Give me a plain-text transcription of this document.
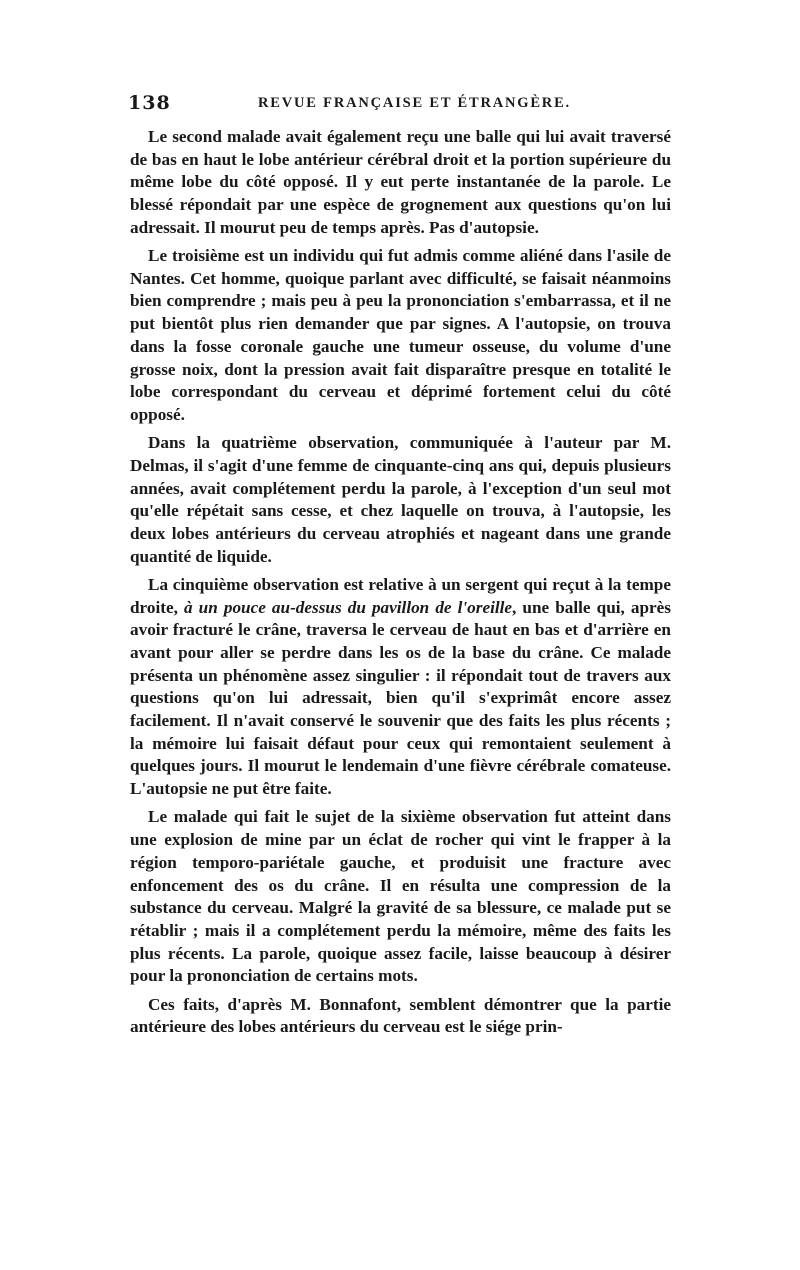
138	REVUE FRANÇAISE ET ÉTRANGÈRE.

Le second malade avait également reçu une balle qui lui avait traversé de bas en haut le lobe antérieur cérébral droit et la portion supérieure du même lobe du côté opposé. Il y eut perte instantanée de la parole. Le blessé répondait par une espèce de grognement aux questions qu'on lui adressait. Il mourut peu de temps après. Pas d'autopsie.

Le troisième est un individu qui fut admis comme aliéné dans l'asile de Nantes. Cet homme, quoique parlant avec difficulté, se faisait néanmoins bien comprendre ; mais peu à peu la prononciation s'embarrassa, et il ne put bientôt plus rien demander que par signes. A l'autopsie, on trouva dans la fosse coronale gauche une tumeur osseuse, du volume d'une grosse noix, dont la pression avait fait disparaître presque en totalité le lobe correspondant du cerveau et déprimé fortement celui du côté opposé.

Dans la quatrième observation, communiquée à l'auteur par M. Delmas, il s'agit d'une femme de cinquante-cinq ans qui, depuis plusieurs années, avait complétement perdu la parole, à l'exception d'un seul mot qu'elle répétait sans cesse, et chez laquelle on trouva, à l'autopsie, les deux lobes antérieurs du cerveau atrophiés et nageant dans une grande quantité de liquide.

La cinquième observation est relative à un sergent qui reçut à la tempe droite, à un pouce au-dessus du pavillon de l'oreille, une balle qui, après avoir fracturé le crâne, traversa le cerveau de haut en bas et d'arrière en avant pour aller se perdre dans les os de la base du crâne. Ce malade présenta un phénomène assez singulier : il répondait tout de travers aux questions qu'on lui adressait, bien qu'il s'exprimât encore assez facilement. Il n'avait conservé le souvenir que des faits les plus récents ; la mémoire lui faisait défaut pour ceux qui remontaient seulement à quelques jours. Il mourut le lendemain d'une fièvre cérébrale comateuse. L'autopsie ne put être faite.

Le malade qui fait le sujet de la sixième observation fut atteint dans une explosion de mine par un éclat de rocher qui vint le frapper à la région temporo-pariétale gauche, et produisit une fracture avec enfoncement des os du crâne. Il en résulta une compression de la substance du cerveau. Malgré la gravité de sa blessure, ce malade put se rétablir ; mais il a complétement perdu la mémoire, même des faits les plus récents. La parole, quoique assez facile, laisse beaucoup à désirer pour la prononciation de certains mots.

Ces faits, d'après M. Bonnafont, semblent démontrer que la partie antérieure des lobes antérieurs du cerveau est le siége prin-
